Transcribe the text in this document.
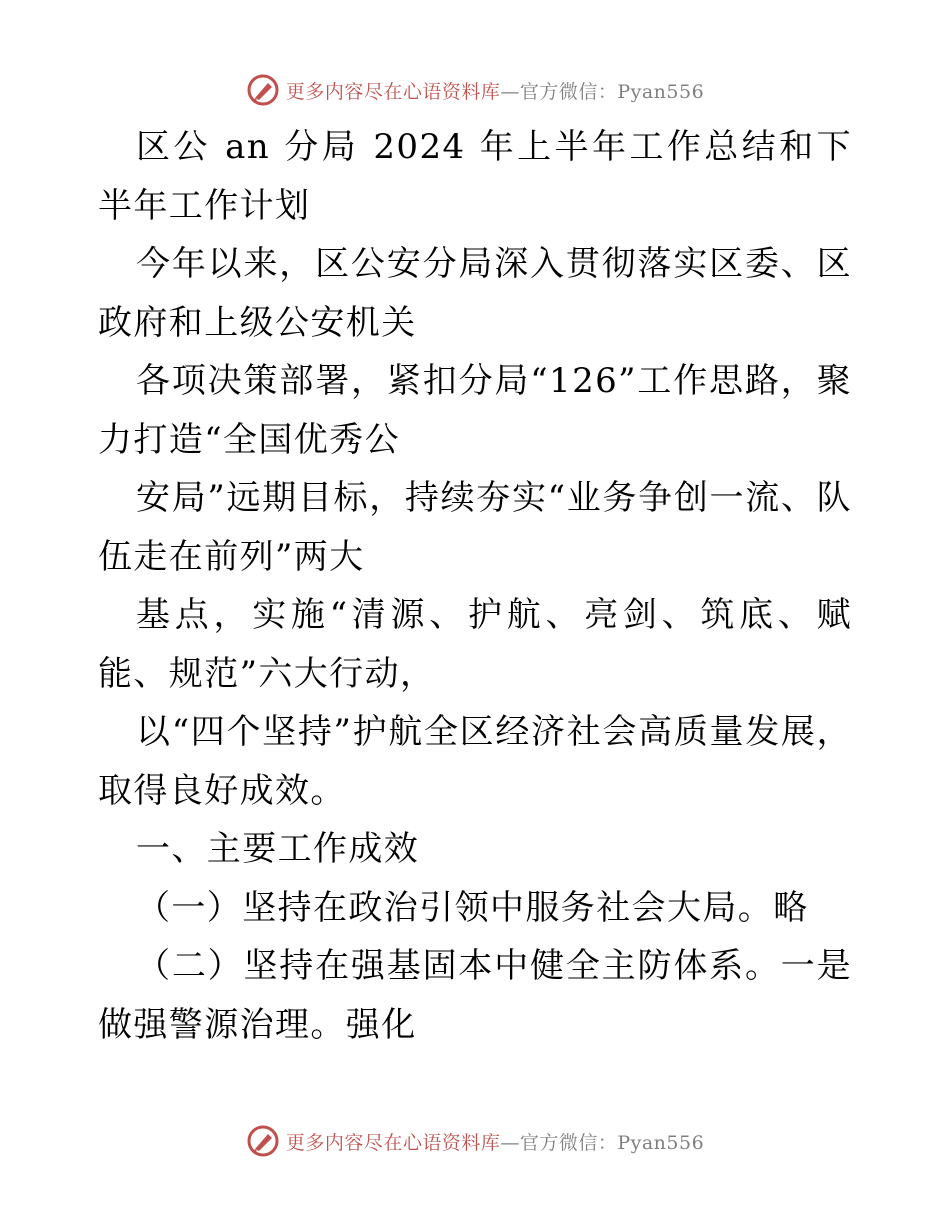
更多内容尽在心语资料库—官方微信：Pyan556

区公 an 分局 2024 年上半年工作总结和下半年工作计划

今年以来，区公安分局深入贯彻落实区委、区政府和上级公安机关

各项决策部署，紧扣分局“126”工作思路，聚力打造“全国优秀公

安局”远期目标，持续夯实“业务争创一流、队伍走在前列”两大

基点，实施“清源、护航、亮剑、筑底、赋能、规范”六大行动，

以“四个坚持”护航全区经济社会高质量发展，取得良好成效。

一、主要工作成效

（一）坚持在政治引领中服务社会大局。略

（二）坚持在强基固本中健全主防体系。一是做强警源治理。强化

更多内容尽在心语资料库—官方微信：Pyan556
